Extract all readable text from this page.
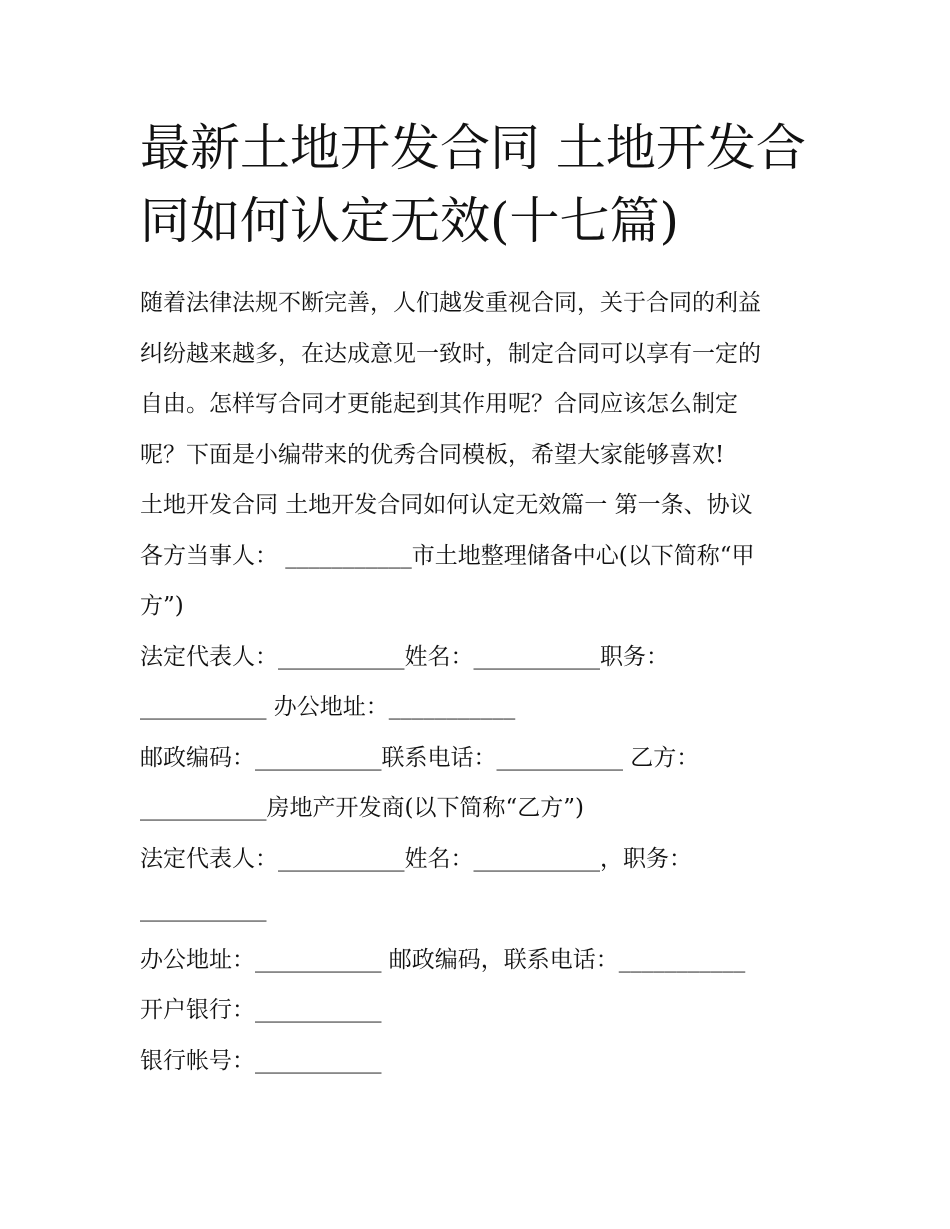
最新土地开发合同 土地开发合
同如何认定无效(十七篇)
随着法律法规不断完善，人们越发重视合同，关于合同的利益
纠纷越来越多，在达成意见一致时，制定合同可以享有一定的
自由。怎样写合同才更能起到其作用呢？合同应该怎么制定
呢？下面是小编带来的优秀合同模板，希望大家能够喜欢!
土地开发合同 土地开发合同如何认定无效篇一 第一条、协议
各方当事人： ___________市土地整理储备中心(以下简称“甲
方”)
法定代表人：___________姓名：___________职务：
___________ 办公地址：___________
邮政编码：___________联系电话：___________ 乙方：
___________房地产开发商(以下简称“乙方”)
法定代表人：___________姓名：___________，职务：
___________
办公地址：___________ 邮政编码，联系电话：___________
开户银行：___________
银行帐号：___________
